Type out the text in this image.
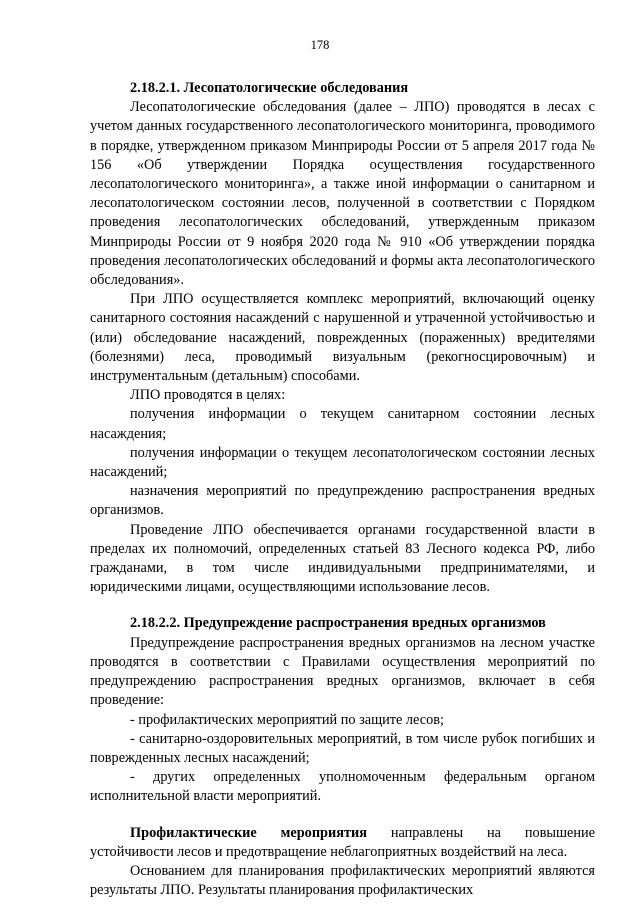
178
2.18.2.1. Лесопатологические обследования

Лесопатологические обследования (далее – ЛПО) проводятся в лесах с учетом данных государственного лесопатологического мониторинга, проводимого в порядке, утвержденном приказом Минприроды России от 5 апреля 2017 года № 156 «Об утверждении Порядка осуществления государственного лесопатологического мониторинга», а также иной информации о санитарном и лесопатологическом состоянии лесов, полученной в соответствии с Порядком проведения лесопатологических обследований, утвержденным приказом Минприроды России от 9 ноября 2020 года № 910 «Об утверждении порядка проведения лесопатологических обследований и формы акта лесопатологического обследования».

При ЛПО осуществляется комплекс мероприятий, включающий оценку санитарного состояния насаждений с нарушенной и утраченной устойчивостью и (или) обследование насаждений, поврежденных (пораженных) вредителями (болезнями) леса, проводимый визуальным (рекогносцировочным) и инструментальным (детальным) способами.

ЛПО проводятся в целях:

получения информации о текущем санитарном состоянии лесных насаждения;

получения информации о текущем лесопатологическом состоянии лесных насаждений;

назначения мероприятий по предупреждению распространения вредных организмов.

Проведение ЛПО обеспечивается органами государственной власти в пределах их полномочий, определенных статьей 83 Лесного кодекса РФ, либо гражданами, в том числе индивидуальными предпринимателями, и юридическими лицами, осуществляющими использование лесов.

2.18.2.2. Предупреждение распространения вредных организмов

Предупреждение распространения вредных организмов на лесном участке проводятся в соответствии с Правилами осуществления мероприятий по предупреждению распространения вредных организмов, включает в себя проведение:

- профилактических мероприятий по защите лесов;

- санитарно-оздоровительных мероприятий, в том числе рубок погибших и поврежденных лесных насаждений;

- других определенных уполномоченным федеральным органом исполнительной власти мероприятий.

Профилактические мероприятия направлены на повышение устойчивости лесов и предотвращение неблагоприятных воздействий на леса.

Основанием для планирования профилактических мероприятий являются результаты ЛПО. Результаты планирования профилактических
